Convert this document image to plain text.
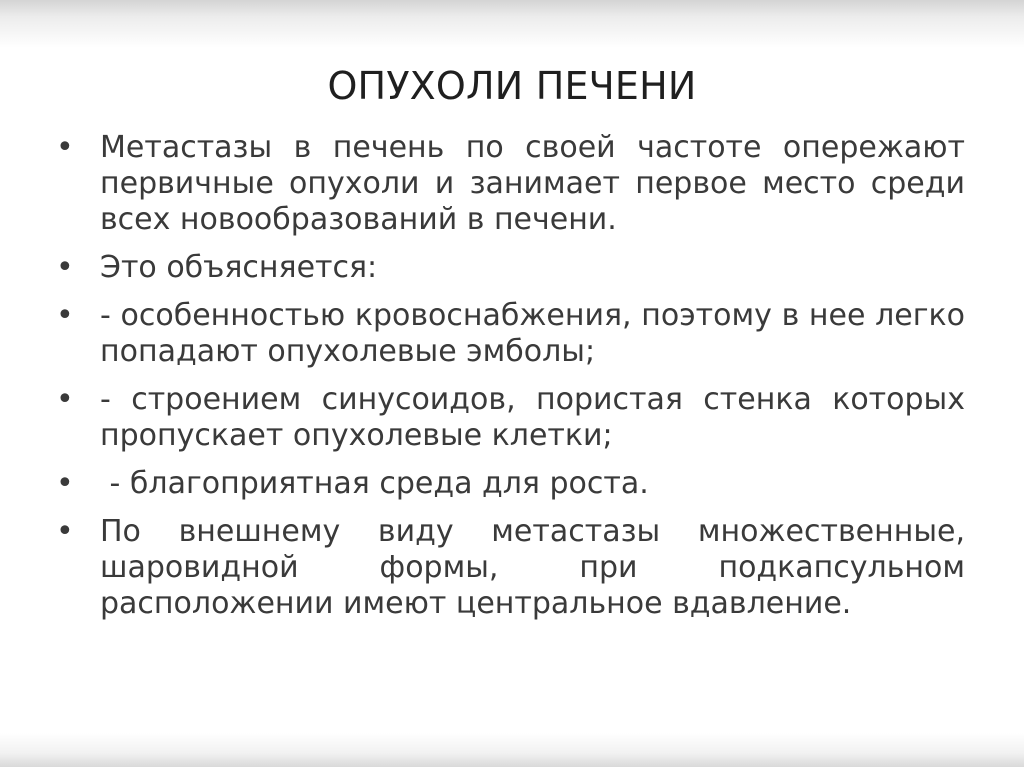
ОПУХОЛИ ПЕЧЕНИ
• Метастазы в печень по своей частоте опережают первичные опухоли и занимает первое место среди всех новообразований в печени.
• Это объясняется:
• - особенностью кровоснабжения, поэтому в нее легко попадают опухолевые эмболы;
• - строением синусоидов, пористая стенка которых пропускает опухолевые клетки;
• - благоприятная среда для роста.
• По внешнему виду метастазы множественные, шаровидной формы, при подкапсульном расположении имеют центральное вдавление.
